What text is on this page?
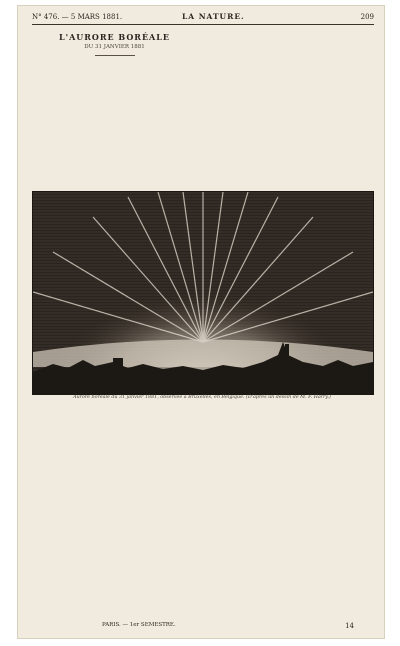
N° 476. — 5 MARS 1881.	LA NATURE.	209
L'AURORE BORÉALE
DU 31 JANVIER 1881
Aurore boréale du 31 janvier 1881, observée à Bruxelles, en Belgique. (D'après un dessin de M. F. Harry.)
PARIS. — 1er SEMESTRE.	14
